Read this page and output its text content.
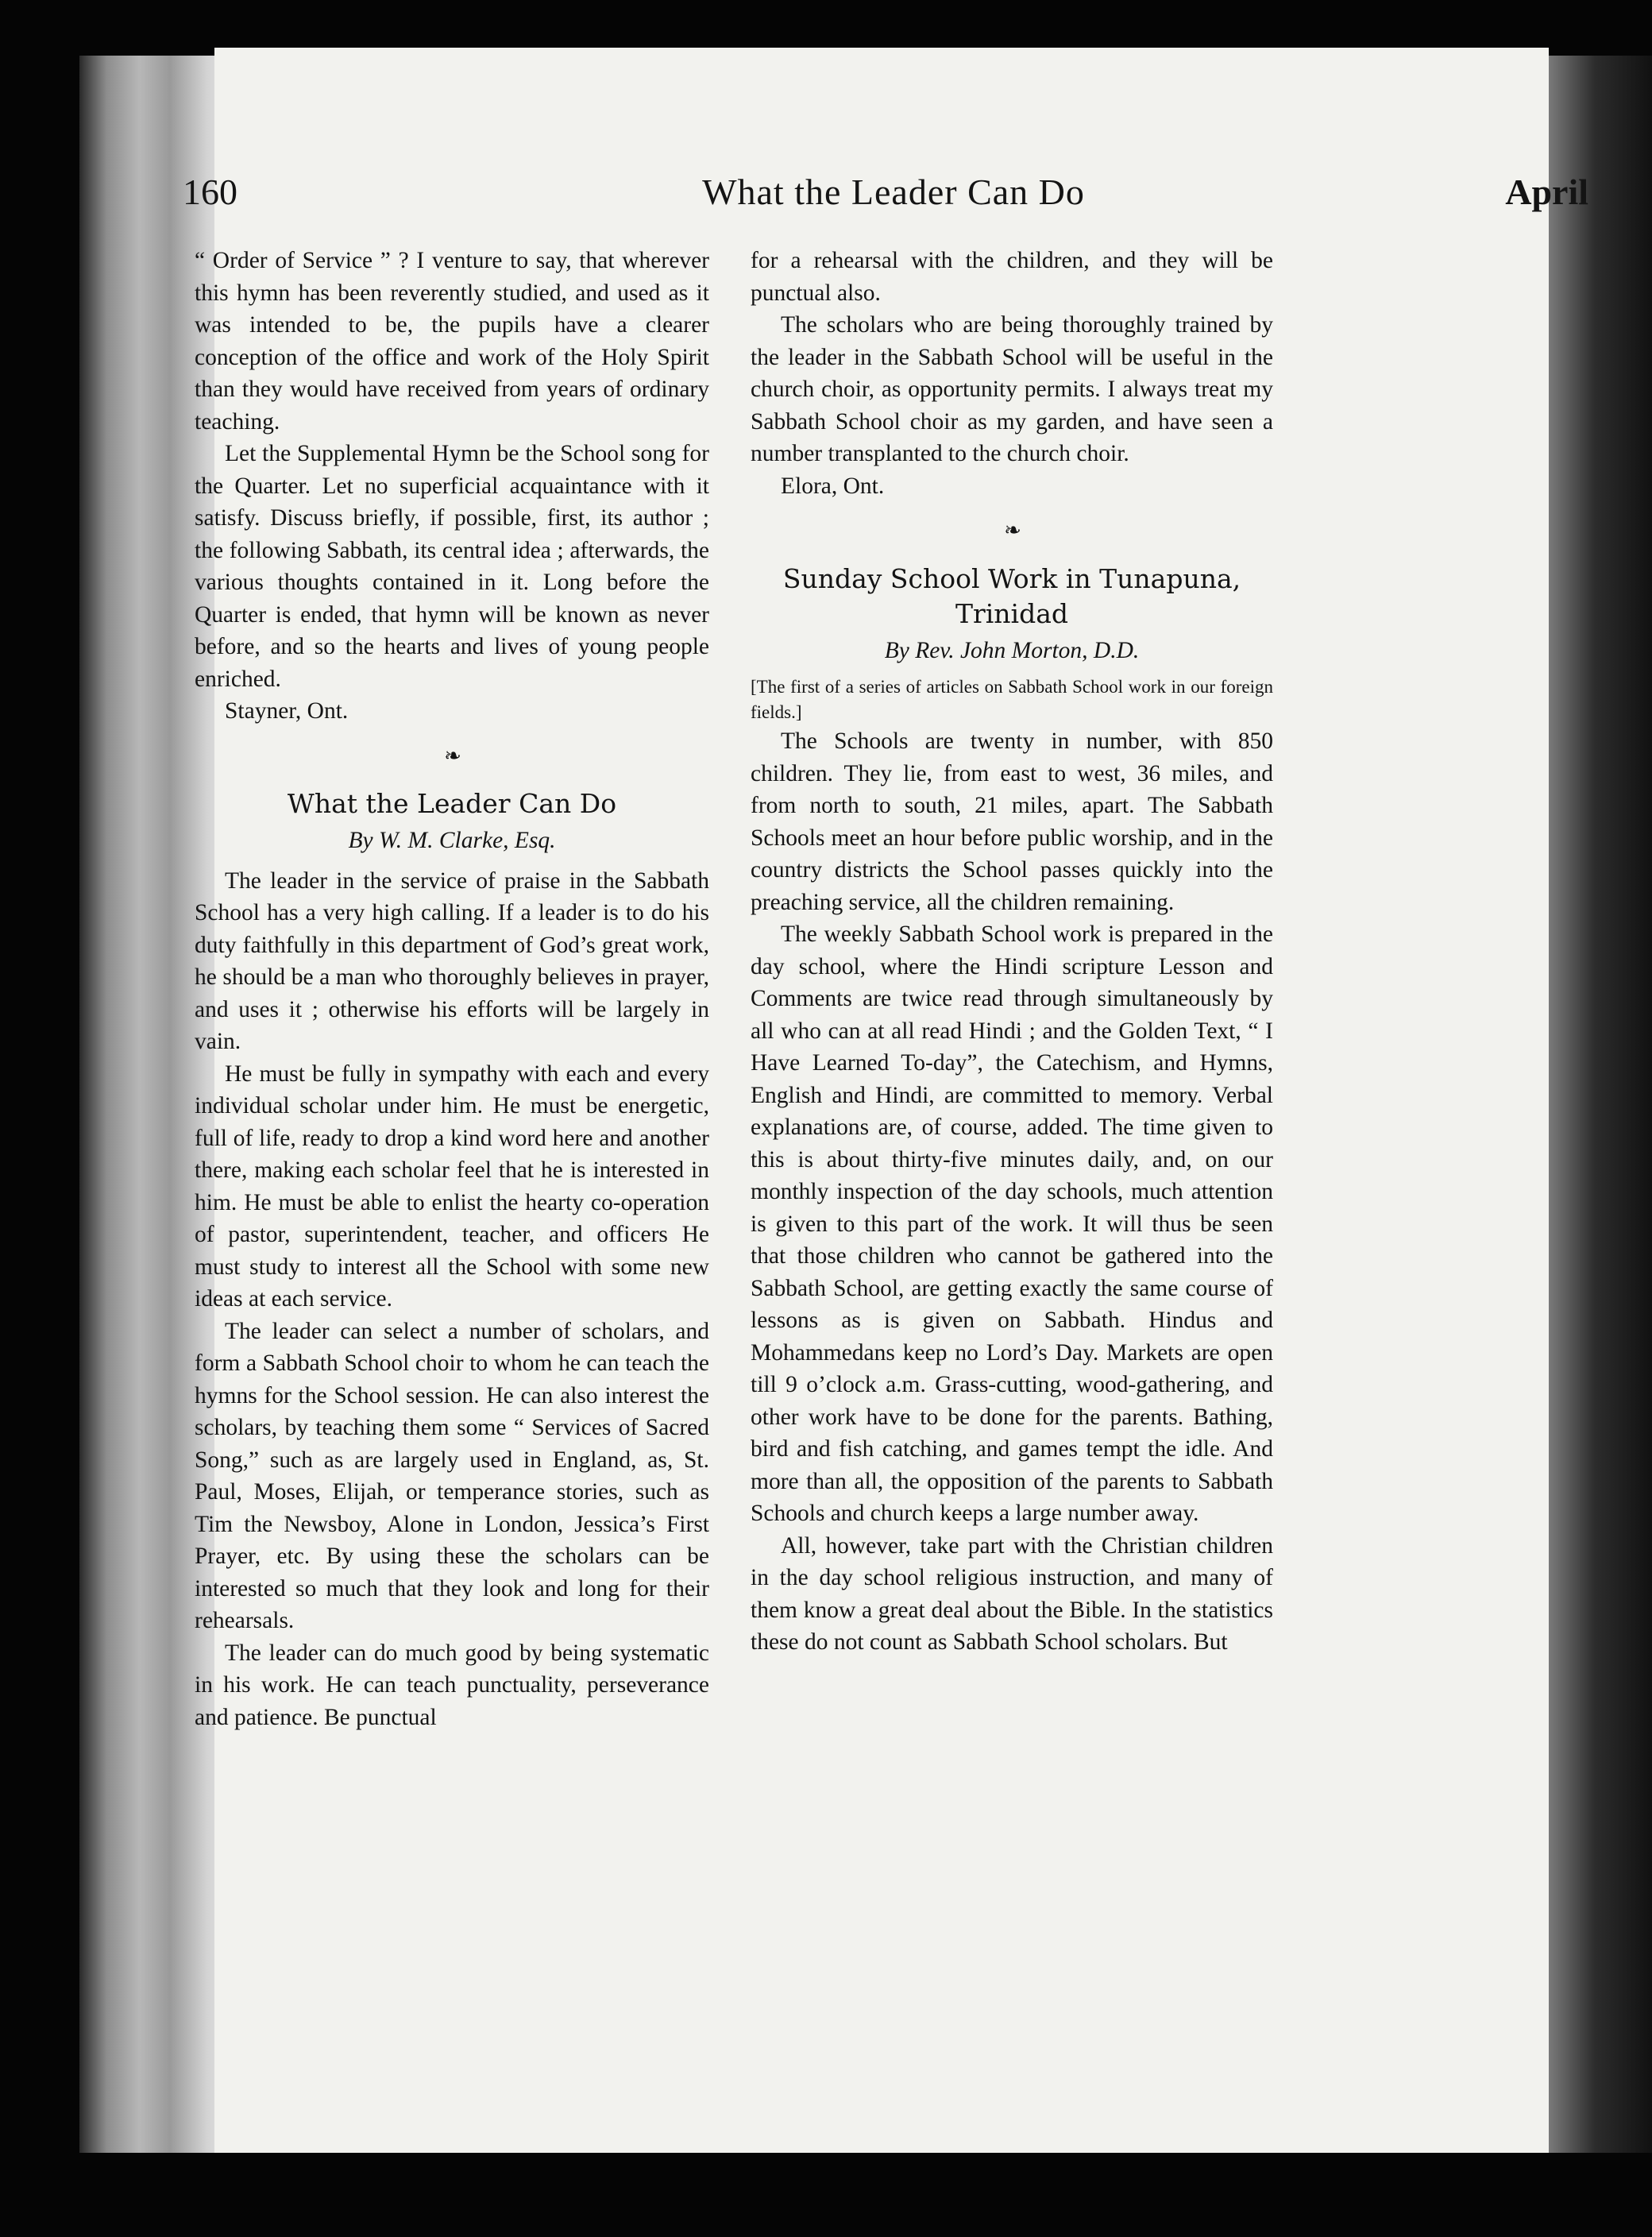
160	What the Leader Can Do	April

“ Order of Service ” ? I venture to say, that wherever this hymn has been reverently studied, and used as it was intended to be, the pupils have a clearer conception of the office and work of the Holy Spirit than they would have received from years of ordinary teaching.

Let the Supplemental Hymn be the School song for the Quarter. Let no superficial acquaintance with it satisfy. Discuss briefly, if possible, first, its author ; the following Sabbath, its central idea ; afterwards, the various thoughts contained in it. Long before the Quarter is ended, that hymn will be known as never before, and so the hearts and lives of young people enriched.

Stayner, Ont.

❧
What the Leader Can Do
By W. M. Clarke, Esq.

The leader in the service of praise in the Sabbath School has a very high calling. If a leader is to do his duty faithfully in this department of God’s great work, he should be a man who thoroughly believes in prayer, and uses it ; otherwise his efforts will be largely in vain.

He must be fully in sympathy with each and every individual scholar under him. He must be energetic, full of life, ready to drop a kind word here and another there, making each scholar feel that he is interested in him. He must be able to enlist the hearty co-operation of pastor, superintendent, teacher, and officers He must study to interest all the School with some new ideas at each service.

The leader can select a number of scholars, and form a Sabbath School choir to whom he can teach the hymns for the School session. He can also interest the scholars, by teaching them some “ Services of Sacred Song,” such as are largely used in England, as, St. Paul, Moses, Elijah, or temperance stories, such as Tim the Newsboy, Alone in London, Jessica’s First Prayer, etc. By using these the scholars can be interested so much that they look and long for their rehearsals.

The leader can do much good by being systematic in his work. He can teach punctuality, perseverance and patience. Be punctual

for a rehearsal with the children, and they will be punctual also.

The scholars who are being thoroughly trained by the leader in the Sabbath School will be useful in the church choir, as opportunity permits. I always treat my Sabbath School choir as my garden, and have seen a number transplanted to the church choir.

Elora, Ont.

❧
Sunday School Work in Tunapuna, Trinidad
By Rev. John Morton, D.D.

[The first of a series of articles on Sabbath School work in our foreign fields.]

The Schools are twenty in number, with 850 children. They lie, from east to west, 36 miles, and from north to south, 21 miles, apart. The Sabbath Schools meet an hour before public worship, and in the country districts the School passes quickly into the preaching service, all the children remaining.

The weekly Sabbath School work is prepared in the day school, where the Hindi scripture Lesson and Comments are twice read through simultaneously by all who can at all read Hindi ; and the Golden Text, “ I Have Learned To-day”, the Catechism, and Hymns, English and Hindi, are committed to memory. Verbal explanations are, of course, added. The time given to this is about thirty-five minutes daily, and, on our monthly inspection of the day schools, much attention is given to this part of the work. It will thus be seen that those children who cannot be gathered into the Sabbath School, are getting exactly the same course of lessons as is given on Sabbath. Hindus and Mohammedans keep no Lord’s Day. Markets are open till 9 o’clock a.m. Grass-cutting, wood-gathering, and other work have to be done for the parents. Bathing, bird and fish catching, and games tempt the idle. And more than all, the opposition of the parents to Sabbath Schools and church keeps a large number away.

All, however, take part with the Christian children in the day school religious instruction, and many of them know a great deal about the Bible. In the statistics these do not count as Sabbath School scholars. But
